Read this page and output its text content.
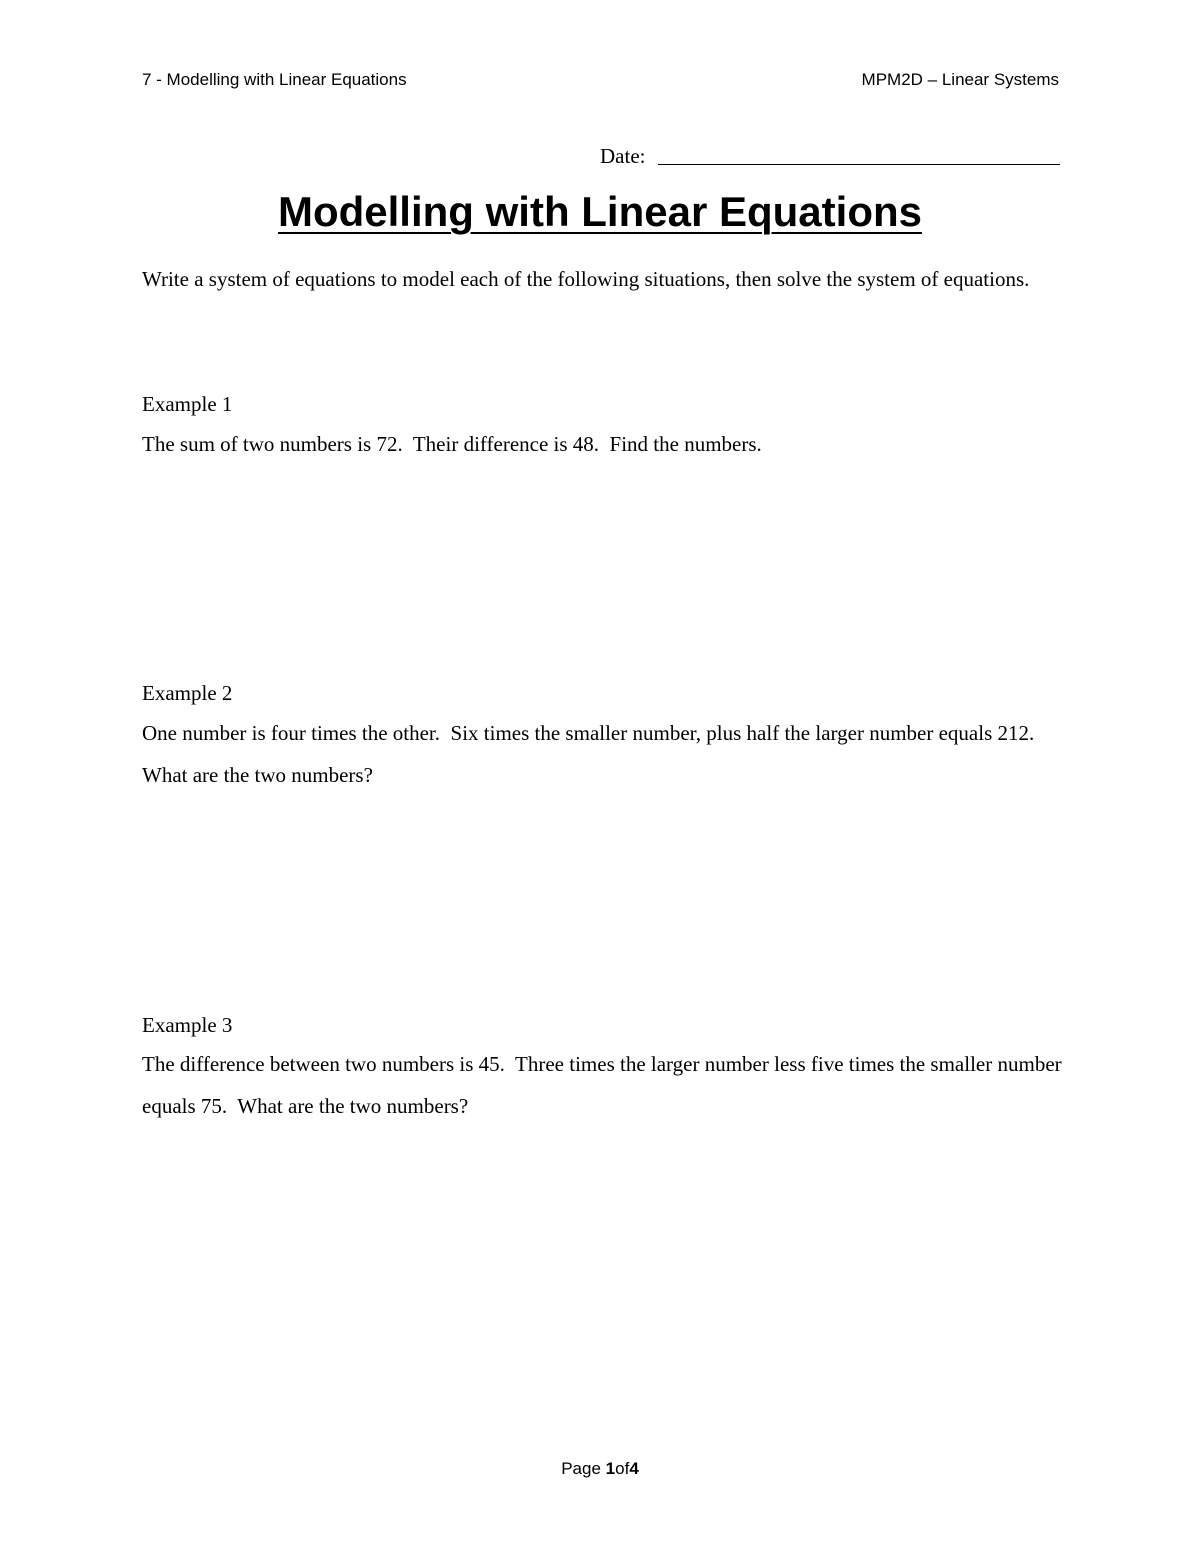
7 - Modelling with Linear Equations	MPM2D – Linear Systems
Date:
Modelling with Linear Equations

Write a system of equations to model each of the following situations, then solve the system of equations.

Example 1

The sum of two numbers is 72.  Their difference is 48.  Find the numbers.

Example 2

One number is four times the other.  Six times the smaller number, plus half the larger number equals 212.  What are the two numbers?

Example 3

The difference between two numbers is 45.  Three times the larger number less five times the smaller number equals 75.  What are the two numbers?

Page 1of4
